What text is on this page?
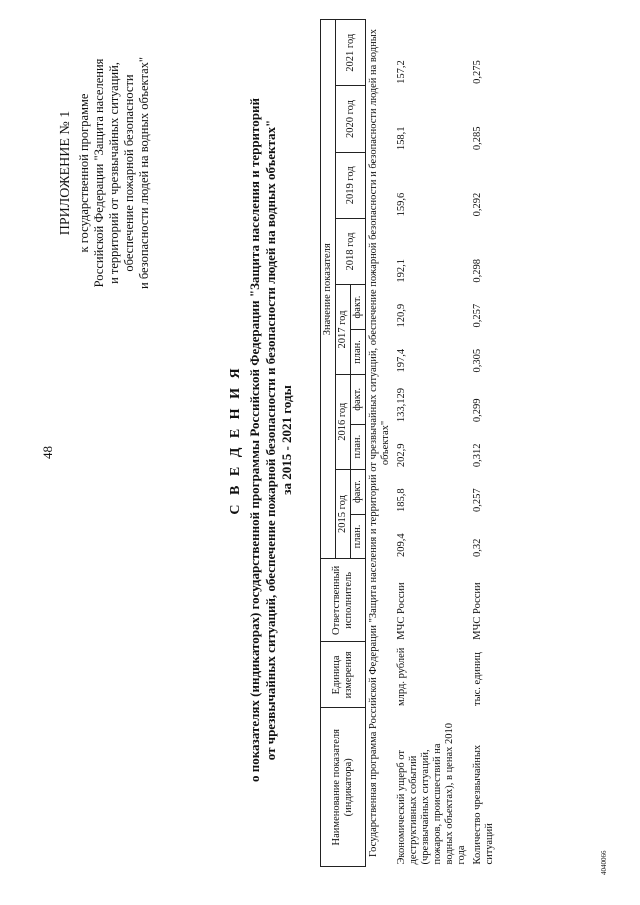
48
ПРИЛОЖЕНИЕ № 1 к государственной программе Российской Федерации "Защита населения и территорий от чрезвычайных ситуаций, обеспечение пожарной безопасности и безопасности людей на водных объектах"
С В Е Д Е Н И Я о показателях (индикаторах) государственной программы Российской Федерации "Защита населения и территорий от чрезвычайных ситуаций, обеспечение пожарной безопасности и безопасности людей на водных объектах" за 2015 - 2021 годы
Наименование показателя (индикатора)	Единица измерения	Ответственный исполнитель	Значение показателя									
			2015 год		2016 год		2017 год		2018 год	2019 год	2020 год	2021 год
			план.	факт.	план.	факт.	план.	факт.				
Государственная программа Российской Федерации "Защита населения и территорий от чрезвычайных ситуаций, обеспечение пожарной безопасности и безопасности людей на водных объектах"												
Экономический ущерб от деструктивных событий (чрезвычайных ситуаций, пожаров, происшествий на водных объектах), в ценах 2010 года	млрд. рублей	МЧС России	209,4	185,8	202,9	133,129	197,4	120,9	192,1	159,6	158,1	157,2
Количество чрезвычайных ситуаций	тыс. единиц	МЧС России	0,32	0,257	0,312	0,299	0,305	0,257	0,298	0,292	0,285	0,275
4040066
